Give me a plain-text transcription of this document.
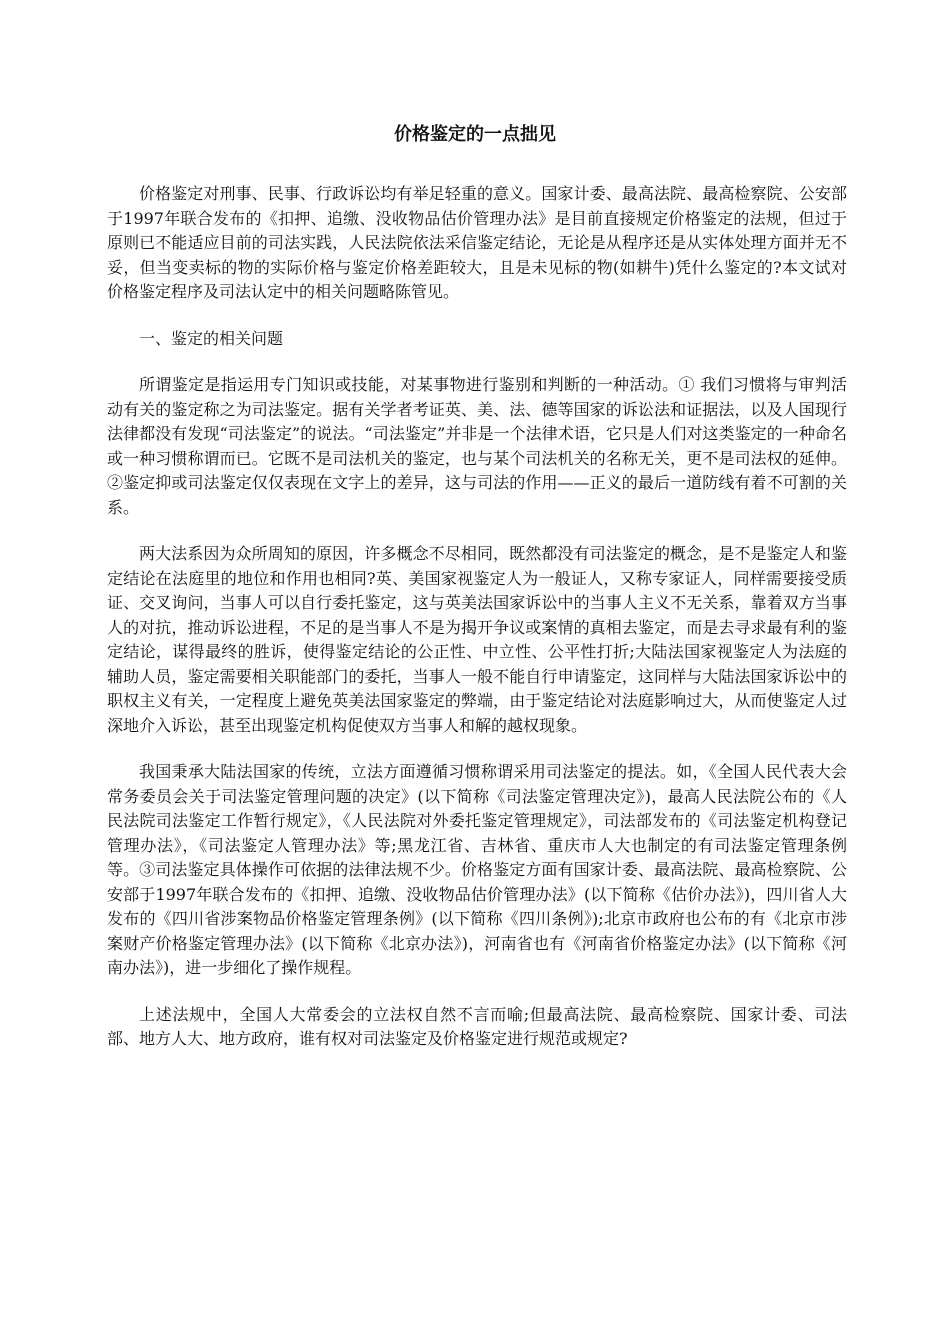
价格鉴定的一点拙见

价格鉴定对刑事、民事、行政诉讼均有举足轻重的意义。国家计委、最高法院、最高检察院、公安部于1997年联合发布的《扣押、追缴、没收物品估价管理办法》是目前直接规定价格鉴定的法规，但过于原则已不能适应目前的司法实践，人民法院依法采信鉴定结论，无论是从程序还是从实体处理方面并无不妥，但当变卖标的物的实际价格与鉴定价格差距较大，且是未见标的物(如耕牛)凭什么鉴定的?本文试对价格鉴定程序及司法认定中的相关问题略陈管见。

一、鉴定的相关问题

所谓鉴定是指运用专门知识或技能，对某事物进行鉴别和判断的一种活动。① 我们习惯将与审判活动有关的鉴定称之为司法鉴定。据有关学者考证英、美、法、德等国家的诉讼法和证据法，以及人国现行法律都没有发现“司法鉴定”的说法。“司法鉴定”并非是一个法律术语，它只是人们对这类鉴定的一种命名或一种习惯称谓而已。它既不是司法机关的鉴定，也与某个司法机关的名称无关，更不是司法权的延伸。②鉴定抑或司法鉴定仅仅表现在文字上的差异，这与司法的作用——正义的最后一道防线有着不可割的关系。

两大法系因为众所周知的原因，许多概念不尽相同，既然都没有司法鉴定的概念，是不是鉴定人和鉴定结论在法庭里的地位和作用也相同?英、美国家视鉴定人为一般证人，又称专家证人，同样需要接受质证、交叉询问，当事人可以自行委托鉴定，这与英美法国家诉讼中的当事人主义不无关系，靠着双方当事人的对抗，推动诉讼进程，不足的是当事人不是为揭开争议或案情的真相去鉴定，而是去寻求最有利的鉴定结论，谋得最终的胜诉，使得鉴定结论的公正性、中立性、公平性打折;大陆法国家视鉴定人为法庭的辅助人员，鉴定需要相关职能部门的委托，当事人一般不能自行申请鉴定，这同样与大陆法国家诉讼中的职权主义有关，一定程度上避免英美法国家鉴定的弊端，由于鉴定结论对法庭影响过大，从而使鉴定人过深地介入诉讼，甚至出现鉴定机构促使双方当事人和解的越权现象。

我国秉承大陆法国家的传统，立法方面遵循习惯称谓采用司法鉴定的提法。如，《全国人民代表大会常务委员会关于司法鉴定管理问题的决定》(以下简称《司法鉴定管理决定》)，最高人民法院公布的《人民法院司法鉴定工作暂行规定》，《人民法院对外委托鉴定管理规定》，司法部发布的《司法鉴定机构登记管理办法》，《司法鉴定人管理办法》等;黑龙江省、吉林省、重庆市人大也制定的有司法鉴定管理条例等。③司法鉴定具体操作可依据的法律法规不少。价格鉴定方面有国家计委、最高法院、最高检察院、公安部于1997年联合发布的《扣押、追缴、没收物品估价管理办法》(以下简称《估价办法》)，四川省人大发布的《四川省涉案物品价格鉴定管理条例》(以下简称《四川条例》);北京市政府也公布的有《北京市涉案财产价格鉴定管理办法》(以下简称《北京办法》)，河南省也有《河南省价格鉴定办法》(以下简称《河南办法》)，进一步细化了操作规程。

上述法规中，全国人大常委会的立法权自然不言而喻;但最高法院、最高检察院、国家计委、司法部、地方人大、地方政府，谁有权对司法鉴定及价格鉴定进行规范或规定?
